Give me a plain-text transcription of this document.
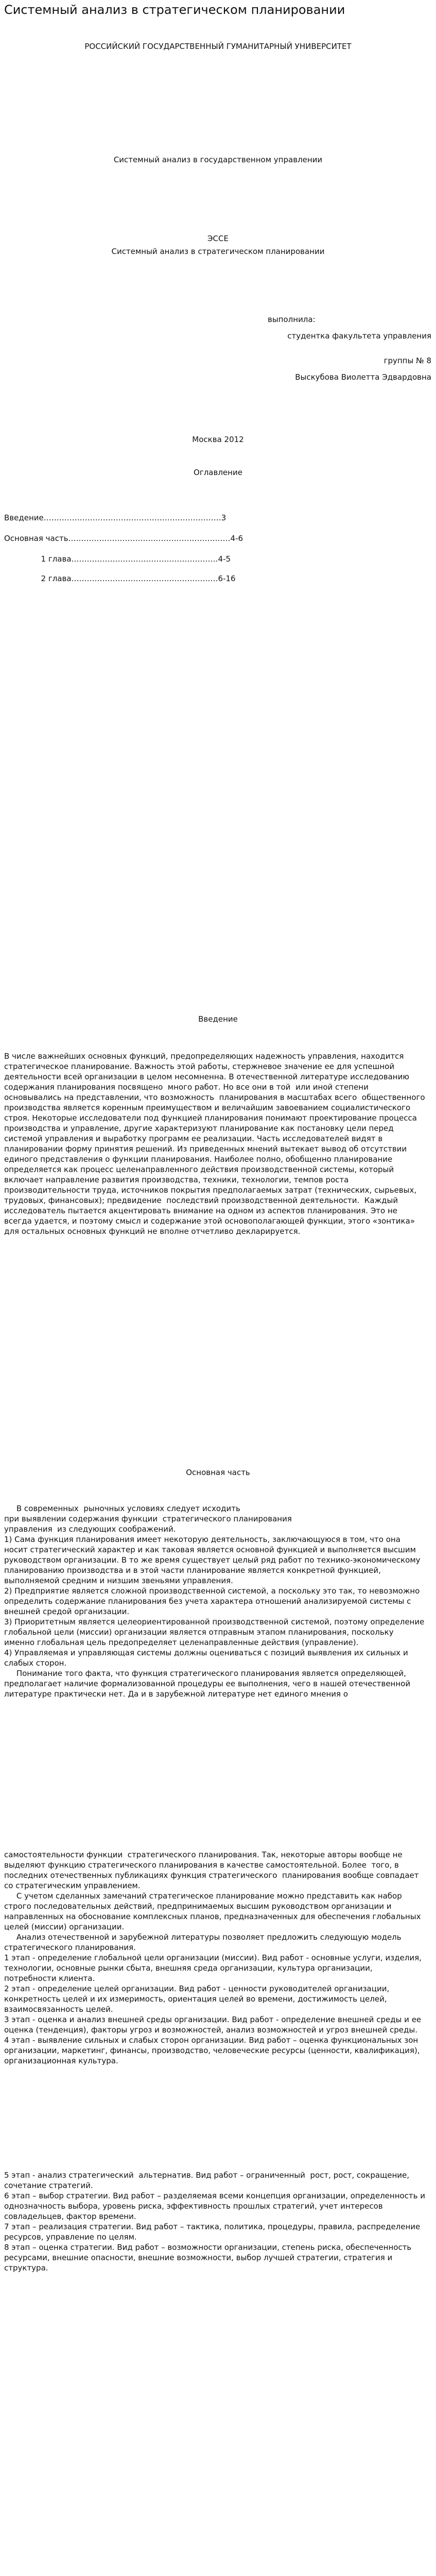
Системный анализ в стратегическом планировании
РОССИЙСКИЙ ГОСУДАРСТВЕННЫЙ ГУМАНИТАРНЫЙ УНИВЕРСИТЕТ
Системный анализ в государственном управлении
ЭССЕ
Системный анализ в стратегическом планировании
выполнила:
студентка факультета управления
группы № 8
Выскубова Виолетта Эдвардовна
Москва 2012
Оглавление
Введение……………………………………………………………3
Основная часть………………………………………………………4-6
1 глава…………………………………………………4-5
2 глава…………………………………………………6-16
Введение
В числе важнейших основных функций, предопределяющих надежность управления, находится стратегическое планирование. Важность этой работы, стержневое значение ее для успешной деятельности всей организации в целом несомненна. В отечественной литературе исследованию содержания планирования посвящено  много работ. Но все они в той  или иной степени основывались на представлении, что возможность  планирования в масштабах всего  общественного производства является коренным преимуществом и величайшим завоеванием социалистического  строя. Некоторые исследователи под функцией планирования понимают проектирование процесса производства и управление, другие характеризуют планирование как постановку цели перед системой управления и выработку программ ее реализации. Часть исследователей видят в планировании форму принятия решений. Из приведенных мнений вытекает вывод об отсутствии единого представления о функции планирования. Наиболее полно, обобщенно планирование определяется как процесс целенаправленного действия производственной системы, который включает направление развития производства, техники, технологии, темпов роста производительности труда, источников покрытия предполагаемых затрат (технических, сырьевых, трудовых, финансовых); предвидение  последствий производственной деятельности.  Каждый исследователь пытается акцентировать внимание на одном из аспектов планирования. Это не всегда удается, и поэтому смысл и содержание этой основополагающей функции, этого «зонтика» для остальных основных функций не вполне отчетливо декларируется.
Основная часть
В современных  рыночных условиях следует исходить
при выявлении содержания функции  стратегического планирования
управления  из следующих соображений.
1) Сама функция планирования имеет некоторую деятельность, заключающуюся в том, что она носит стратегический характер и как таковая является основной функцией и выполняется высшим руководством организации. В то же время существует целый ряд работ по технико-экономическому планированию производства и в этой части планирование является конкретной функцией, выполняемой средним и низшим звеньями управления.
2) Предприятие является сложной производственной системой, а поскольку это так, то невозможно определить содержание планирования без учета характера отношений анализируемой системы с внешней средой организации.
3) Приоритетным является целеориентированной производственной системой, поэтому определение глобальной цели (миссии) организации является отправным этапом планирования, поскольку именно глобальная цель предопределяет целенаправленные действия (управление).
4) Управляемая и управляющая системы должны оцениваться с позиций выявления их сильных и слабых сторон.
Понимание того факта, что функция стратегического планирования является определяющей, предполагает наличие формализованной процедуры ее выполнения, чего в нашей отечественной литературе практически нет. Да и в зарубежной литературе нет единого мнения о
самостоятельности функции  стратегического планирования. Так, некоторые авторы вообще не выделяют функцию стратегического планирования в качестве самостоятельной. Более  того, в последних отечественных публикациях функция стратегического  планирования вообще совпадает со стратегическим управлением.
С учетом сделанных замечаний стратегическое планирование можно представить как набор строго последовательных действий, предпринимаемых высшим руководством организации и направленных на обоснование комплексных планов, предназначенных для обеспечения глобальных целей (миссии) организации.
Анализ отечественной и зарубежной литературы позволяет предложить следующую модель стратегического планирования.
1 этап - определение глобальной цели организации (миссии). Вид работ - основные услуги, изделия, технологии, основные рынки сбыта, внешняя среда организации, культура организации, потребности клиента.
2 этап - определение целей организации. Вид работ - ценности руководителей организации, конкретность целей и их измеримость, ориентация целей во времени, достижимость целей, взаимосвязанность целей.
3 этап - оценка и анализ внешней среды организации. Вид работ - определение внешней среды и ее оценка (тенденция), факторы угроз и возможностей, анализ возможностей и угроз внешней среды.
4 этап - выявление сильных и слабых сторон организации. Вид работ – оценка функциональных зон организации, маркетинг, финансы, производство, человеческие ресурсы (ценности, квалификация), организационная культура.
5 этап - анализ стратегический  альтернатив. Вид работ – ограниченный  рост, рост, сокращение, сочетание стратегий.
6 этап – выбор стратегии. Вид работ – разделяемая всеми концепция организации, определенность и однозначность выбора, уровень риска, эффективность прошлых стратегий, учет интересов совладельцев, фактор времени.
7 этап – реализация стратегии. Вид работ – тактика, политика, процедуры, правила, распределение ресурсов, управление по целям.
8 этап – оценка стратегии. Вид работ – возможности организации, степень риска, обеспеченность ресурсами, внешние опасности, внешние возможности, выбор лучшей стратегии, стратегия и структура.
